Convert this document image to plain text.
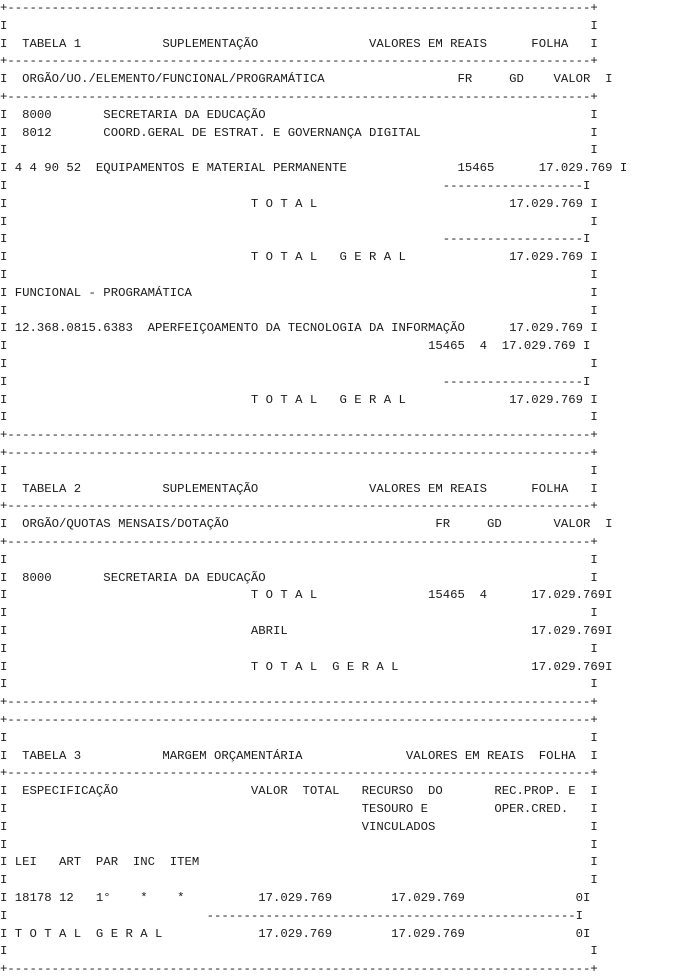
+-------------------------------------------------------------------------------+
I                                                                               I
I  TABELA 1           SUPLEMENTAÇÃO               VALORES EM REAIS      FOLHA   I
+-------------------------------------------------------------------------------+
I  ORGÃO/UO./ELEMENTO/FUNCIONAL/PROGRAMÁTICA                  FR     GD    VALOR  I
+-------------------------------------------------------------------------------+
I  8000       SECRETARIA DA EDUCAÇÃO                                            I
I  8012       COORD.GERAL DE ESTRAT. E GOVERNANÇA DIGITAL                       I
I                                                                               I
I 4 4 90 52  EQUIPAMENTOS E MATERIAL PERMANENTE               15465      17.029.769 I
I                                                           -------------------I
I                                 T O T A L                          17.029.769 I
I                                                                               I
I                                                           -------------------I
I                                 T O T A L   G E R A L              17.029.769 I
I                                                                               I
I FUNCIONAL - PROGRAMÁTICA                                                      I
I                                                                               I
I 12.368.0815.6383  APERFEIÇOAMENTO DA TECNOLOGIA DA INFORMAÇÃO      17.029.769 I
I                                                         15465  4  17.029.769 I
I                                                                               I
I                                                           -------------------I
I                                 T O T A L   G E R A L              17.029.769 I
I                                                                               I
+-------------------------------------------------------------------------------+
+-------------------------------------------------------------------------------+
I                                                                               I
I  TABELA 2           SUPLEMENTAÇÃO               VALORES EM REAIS      FOLHA   I
+-------------------------------------------------------------------------------+
I  ORGÃO/QUOTAS MENSAIS/DOTAÇÃO                            FR     GD       VALOR  I
+-------------------------------------------------------------------------------+
I                                                                               I
I  8000       SECRETARIA DA EDUCAÇÃO                                            I
I                                 T O T A L               15465  4      17.029.769I
I                                                                               I
I                                 ABRIL                                 17.029.769I
I                                                                               I
I                                 T O T A L  G E R A L                  17.029.769I
I                                                                               I
+-------------------------------------------------------------------------------+
+-------------------------------------------------------------------------------+
I                                                                               I
I  TABELA 3           MARGEM ORÇAMENTÁRIA              VALORES EM REAIS  FOLHA  I
+-------------------------------------------------------------------------------+
I  ESPECIFICAÇÃO                  VALOR  TOTAL   RECURSO  DO       REC.PROP. E  I
I                                                TESOURO E         OPER.CRED.   I
I                                                VINCULADOS                     I
I                                                                               I
I LEI   ART  PAR  INC  ITEM                                                     I
I                                                                               I
I 18178 12   1°    *    *          17.029.769        17.029.769               0I
I                           --------------------------------------------------I
I T O T A L  G E R A L             17.029.769        17.029.769               0I
I                                                                               I
+-------------------------------------------------------------------------------+
